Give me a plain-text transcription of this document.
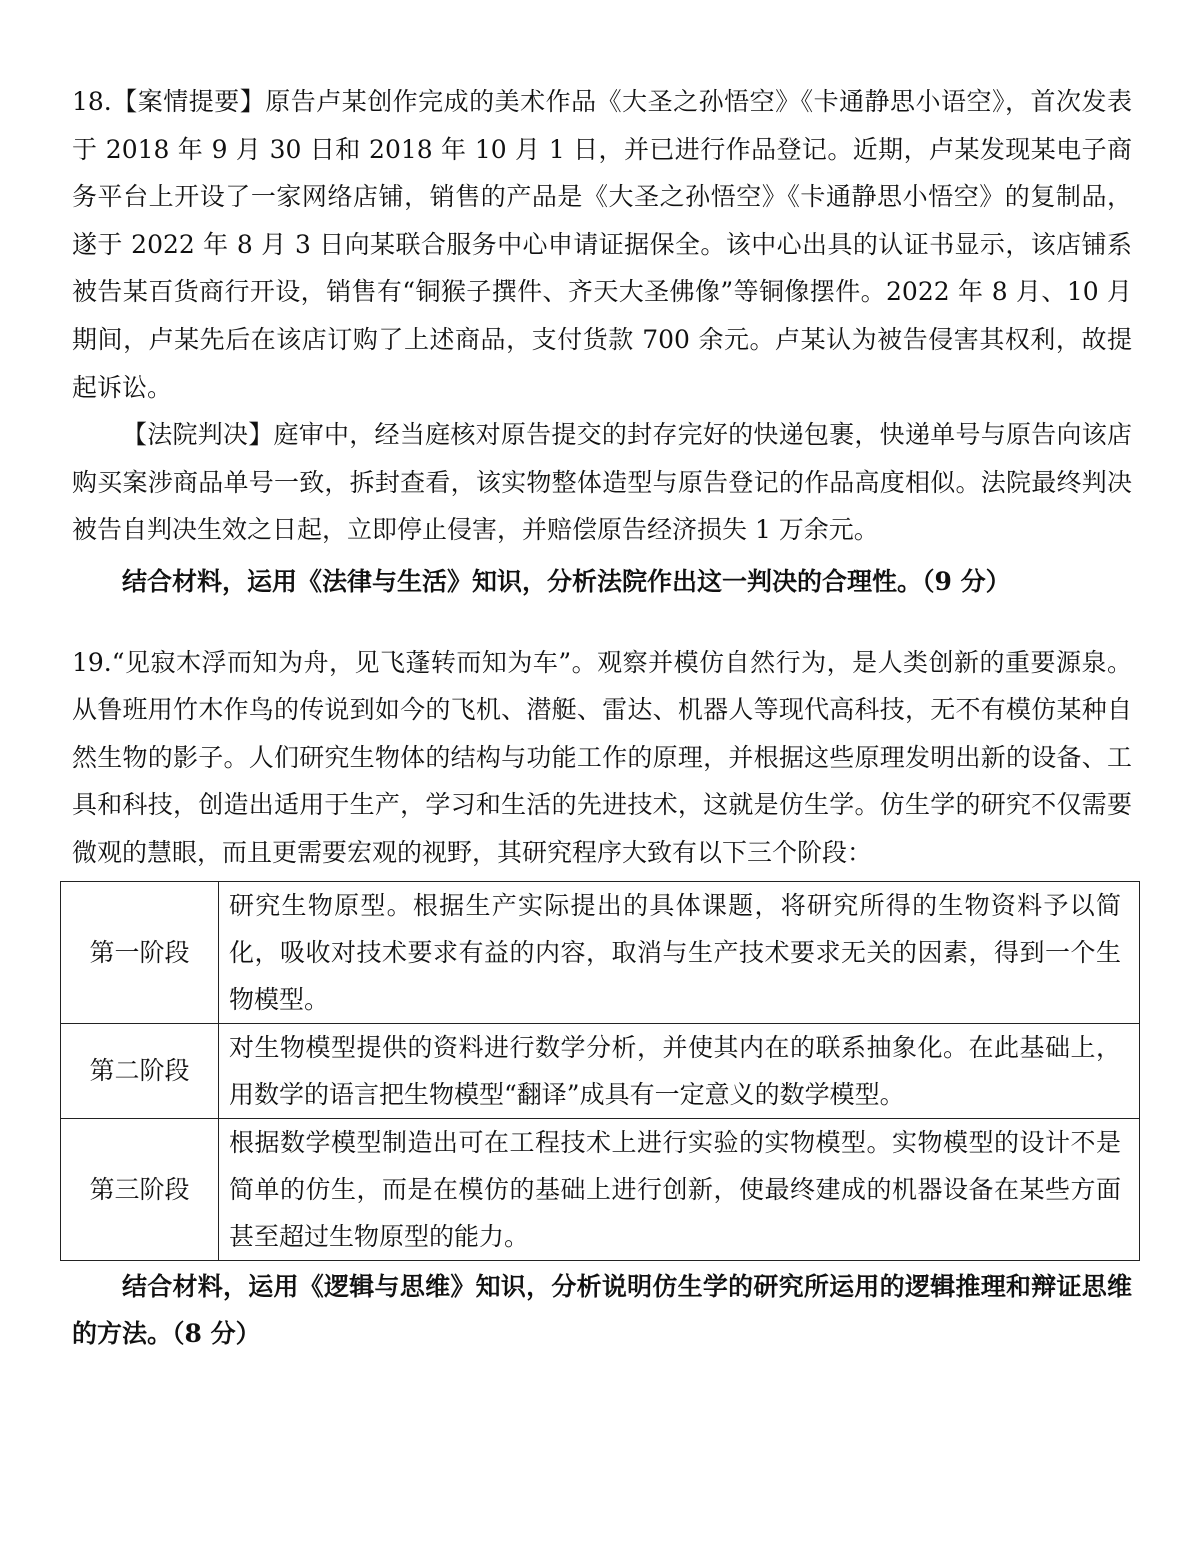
18.【案情提要】原告卢某创作完成的美术作品《大圣之孙悟空》《卡通静思小语空》，首次发表于 2018 年 9 月 30 日和 2018 年 10 月 1 日，并已进行作品登记。近期，卢某发现某电子商务平台上开设了一家网络店铺，销售的产品是《大圣之孙悟空》《卡通静思小悟空》的复制品，遂于 2022 年 8 月 3 日向某联合服务中心申请证据保全。该中心出具的认证书显示，该店铺系被告某百货商行开设，销售有“铜猴子撰件、齐天大圣佛像”等铜像摆件。2022 年 8 月、10 月期间，卢某先后在该店订购了上述商品，支付货款 700 余元。卢某认为被告侵害其权利，故提起诉讼。

【法院判决】庭审中，经当庭核对原告提交的封存完好的快递包裹，快递单号与原告向该店购买案涉商品单号一致，拆封查看，该实物整体造型与原告登记的作品高度相似。法院最终判决被告自判决生效之日起，立即停止侵害，并赔偿原告经济损失 1 万余元。

结合材料，运用《法律与生活》知识，分析法院作出这一判决的合理性。（9 分）

19.“见寂木浮而知为舟，见飞蓬转而知为车”。观察并模仿自然行为，是人类创新的重要源泉。从鲁班用竹木作鸟的传说到如今的飞机、潜艇、雷达、机器人等现代高科技，无不有模仿某种自然生物的影子。人们研究生物体的结构与功能工作的原理，并根据这些原理发明出新的设备、工具和科技，创造出适用于生产，学习和生活的先进技术，这就是仿生学。仿生学的研究不仅需要微观的慧眼，而且更需要宏观的视野，其研究程序大致有以下三个阶段：

第一阶段	研究生物原型。根据生产实际提出的具体课题，将研究所得的生物资料予以简化，吸收对技术要求有益的内容，取消与生产技术要求无关的因素，得到一个生物模型。
第二阶段	对生物模型提供的资料进行数学分析，并使其内在的联系抽象化。在此基础上，用数学的语言把生物模型“翻译”成具有一定意义的数学模型。
第三阶段	根据数学模型制造出可在工程技术上进行实验的实物模型。实物模型的设计不是简单的仿生，而是在模仿的基础上进行创新，使最终建成的机器设备在某些方面甚至超过生物原型的能力。

结合材料，运用《逻辑与思维》知识，分析说明仿生学的研究所运用的逻辑推理和辩证思维的方法。（8 分）
